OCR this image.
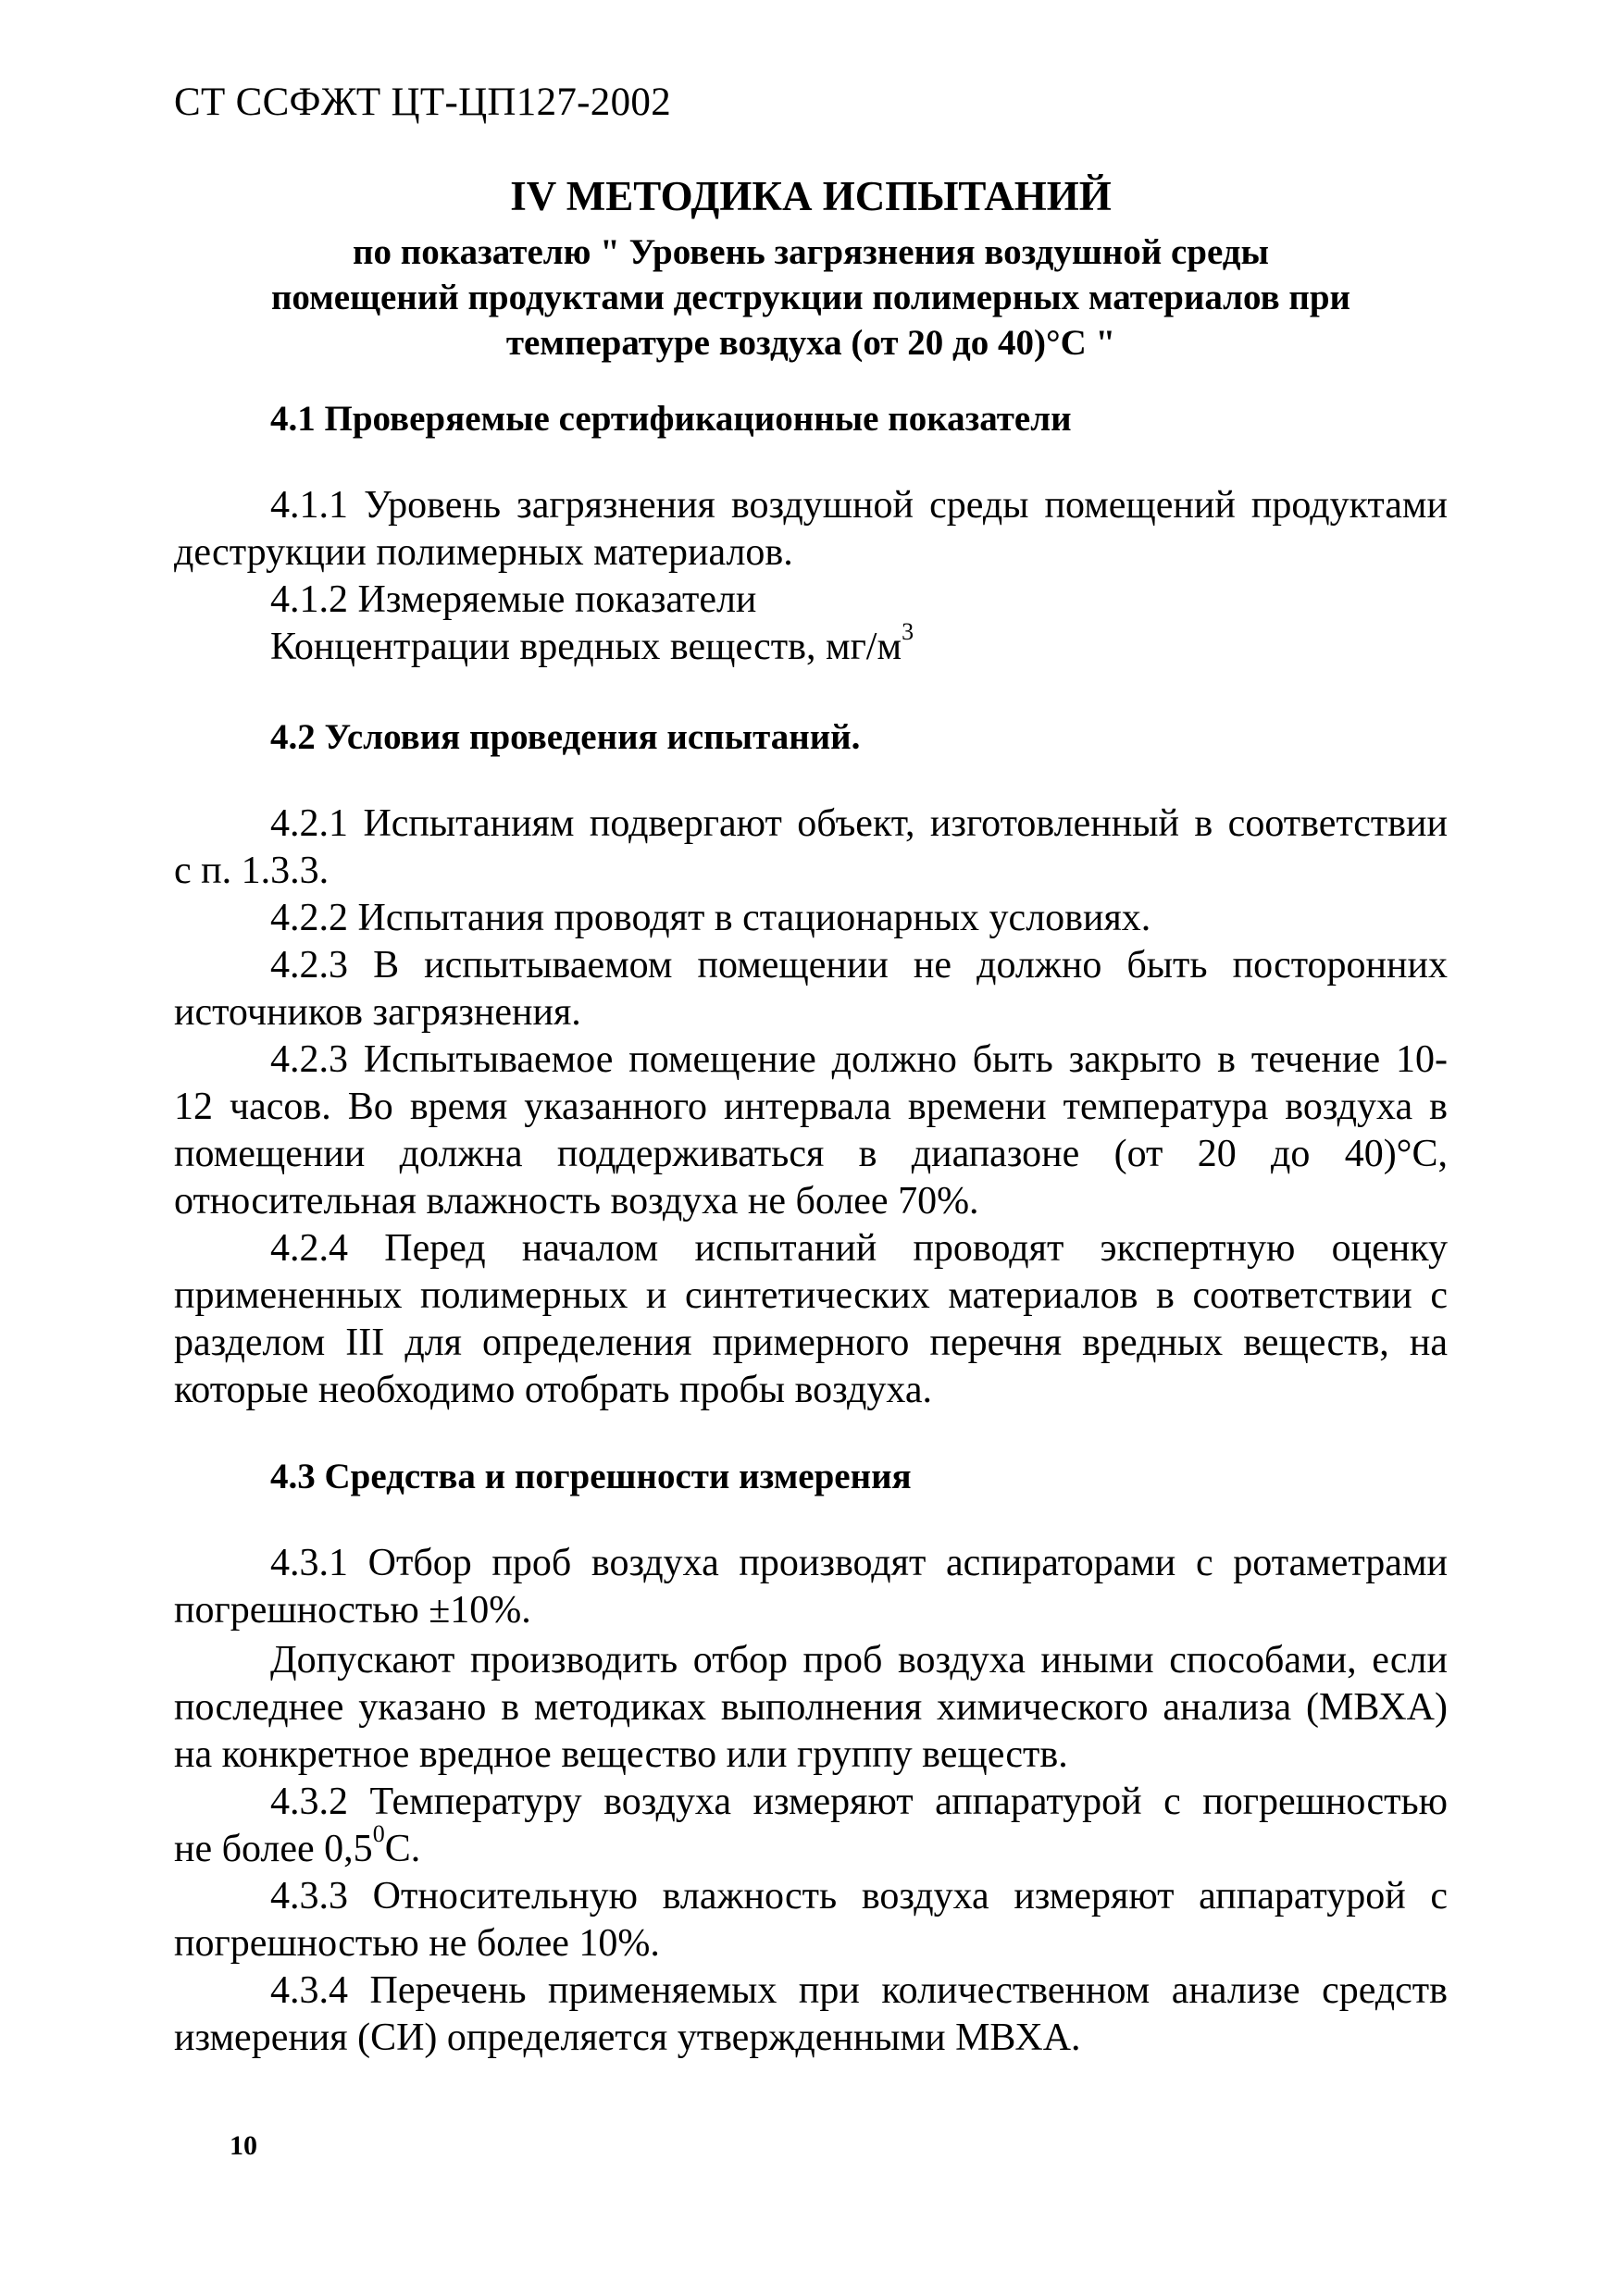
СТ ССФЖТ ЦТ-ЦП127-2002
IV МЕТОДИКА ИСПЫТАНИЙ
по показателю " Уровень загрязнения воздушной среды
помещений продуктами деструкции полимерных материалов при
температуре воздуха (от 20 до 40)°С "
4.1 Проверяемые сертификационные показатели
4.1.1 Уровень загрязнения воздушной среды помещений продуктами
деструкции полимерных материалов.
4.1.2 Измеряемые показатели
Концентрации вредных веществ, $мг/м^3$
4.2 Условия проведения испытаний.
4.2.1 Испытаниям подвергают объект, изготовленный в соответствии
с п. 1.3.3.
4.2.2 Испытания проводят в стационарных условиях.
4.2.3 В испытываемом помещении не должно быть посторонних
источников загрязнения.
4.2.3 Испытываемое помещение должно быть закрыто в течение 10-
12 часов. Во время указанного интервала времени температура воздуха в
помещении должна поддерживаться в диапазоне (от 20 до 40)°С,
относительная влажность воздуха не более 70%.
4.2.4 Перед началом испытаний проводят экспертную оценку
примененных полимерных и синтетических материалов в соответствии с
разделом III для определения примерного перечня вредных веществ, на
которые необходимо отобрать пробы воздуха.
4.3 Средства и погрешности измерения
4.3.1 Отбор проб воздуха производят аспираторами с ротаметрами
погрешностью ±10%.
Допускают производить отбор проб воздуха иными способами, если
последнее указано в методиках выполнения химического анализа (МВХА)
на конкретное вредное вещество или группу веществ.
4.3.2 Температуру воздуха измеряют аппаратурой с погрешностью
не более $0,5^0С$.
4.3.3 Относительную влажность воздуха измеряют аппаратурой с
погрешностью не более 10%.
4.3.4 Перечень применяемых при количественном анализе средств
измерения (СИ) определяется утвержденными МВХА.
10
